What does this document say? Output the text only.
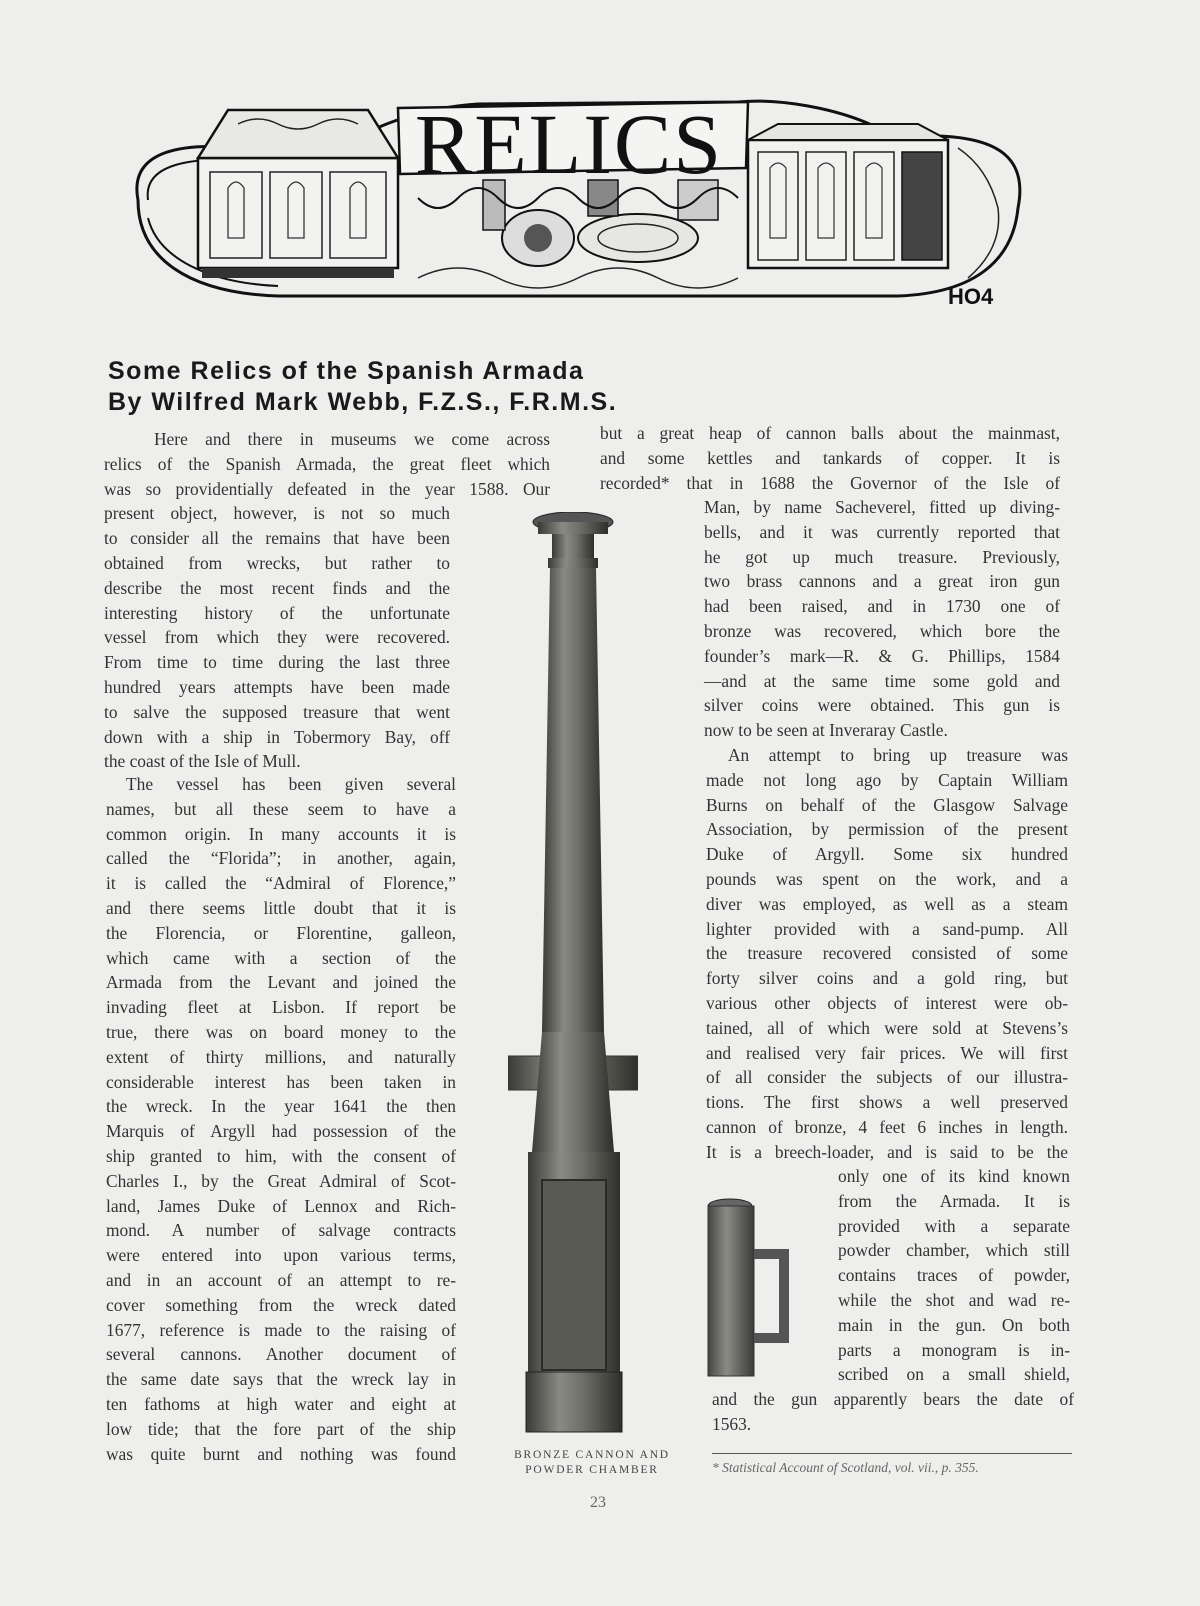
RELICS
HO4
Some Relics of the Spanish Armada
By Wilfred Mark Webb, F.Z.S., F.R.M.S.
Here and there in museums we come across
relics of the Spanish Armada, the great fleet which
was so providentially defeated in the year 1588. Our
present object, however, is not so much
to consider all the remains that have been
obtained from wrecks, but rather to
describe the most recent finds and the
interesting history of the unfortunate
vessel from which they were recovered.
From time to time during the last three
hundred years attempts have been made
to salve the supposed treasure that went
down with a ship in Tobermory Bay, off
the coast of the Isle of Mull.
The vessel has been given several
names, but all these seem to have a
common origin. In many accounts it is
called the “Florida”; in another, again,
it is called the “Admiral of Florence,”
and there seems little doubt that it is
the Florencia, or Florentine, galleon,
which came with a section of the
Armada from the Levant and joined the
invading fleet at Lisbon. If report be
true, there was on board money to the
extent of thirty millions, and naturally
considerable interest has been taken in
the wreck. In the year 1641 the then
Marquis of Argyll had possession of the
ship granted to him, with the consent of
Charles I., by the Great Admiral of Scot-
land, James Duke of Lennox and Rich-
mond. A number of salvage contracts
were entered into upon various terms,
and in an account of an attempt to re-
cover something from the wreck dated
1677, reference is made to the raising of
several cannons. Another document of
the same date says that the wreck lay in
ten fathoms at high water and eight at
low tide; that the fore part of the ship
was quite burnt and nothing was found
but a great heap of cannon balls about the mainmast,
and some kettles and tankards of copper. It is
recorded* that in 1688 the Governor of the Isle of
Man, by name Sacheverel, fitted up diving-
bells, and it was currently reported that
he got up much treasure. Previously,
two brass cannons and a great iron gun
had been raised, and in 1730 one of
bronze was recovered, which bore the
founder’s mark—R. & G. Phillips, 1584
—and at the same time some gold and
silver coins were obtained. This gun is
now to be seen at Inveraray Castle.
An attempt to bring up treasure was
made not long ago by Captain William
Burns on behalf of the Glasgow Salvage
Association, by permission of the present
Duke of Argyll. Some six hundred
pounds was spent on the work, and a
diver was employed, as well as a steam
lighter provided with a sand-pump. All
the treasure recovered consisted of some
forty silver coins and a gold ring, but
various other objects of interest were ob-
tained, all of which were sold at Stevens’s
and realised very fair prices. We will first
of all consider the subjects of our illustra-
tions. The first shows a well preserved
cannon of bronze, 4 feet 6 inches in length.
It is a breech-loader, and is said to be the
only one of its kind known
from the Armada. It is
provided with a separate
powder chamber, which still
contains traces of powder,
while the shot and wad re-
main in the gun. On both
parts a monogram is in-
scribed on a small shield,
and the gun apparently bears the date of
1563.
BRONZE CANNON AND
POWDER CHAMBER	* Statistical Account of Scotland, vol. vii., p. 355.
23
